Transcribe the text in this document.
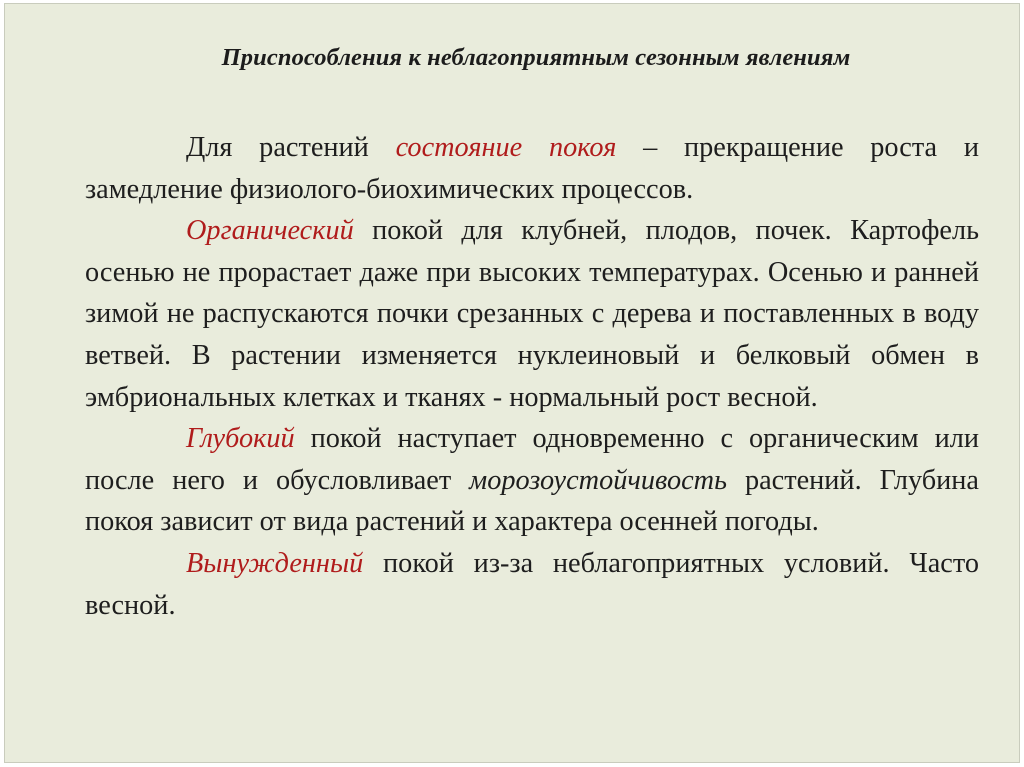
Приспособления к неблагоприятным сезонным явлениям

Для растений состояние покоя – прекращение роста и замедление физиолого-биохимических процессов.

Органический покой для клубней, плодов, почек. Картофель осенью не прорастает даже при высоких температурах. Осенью и ранней зимой не распускаются почки срезанных с дерева и поставленных в воду ветвей. В растении изменяется нуклеиновый и белковый обмен в эмбриональных клетках и тканях - нормальный рост весной.

Глубокий покой наступает одновременно с органическим или после него и обусловливает морозоустойчивость растений. Глубина покоя зависит от вида растений и характера осенней погоды.

Вынужденный покой из-за неблагоприятных условий. Часто весной.
